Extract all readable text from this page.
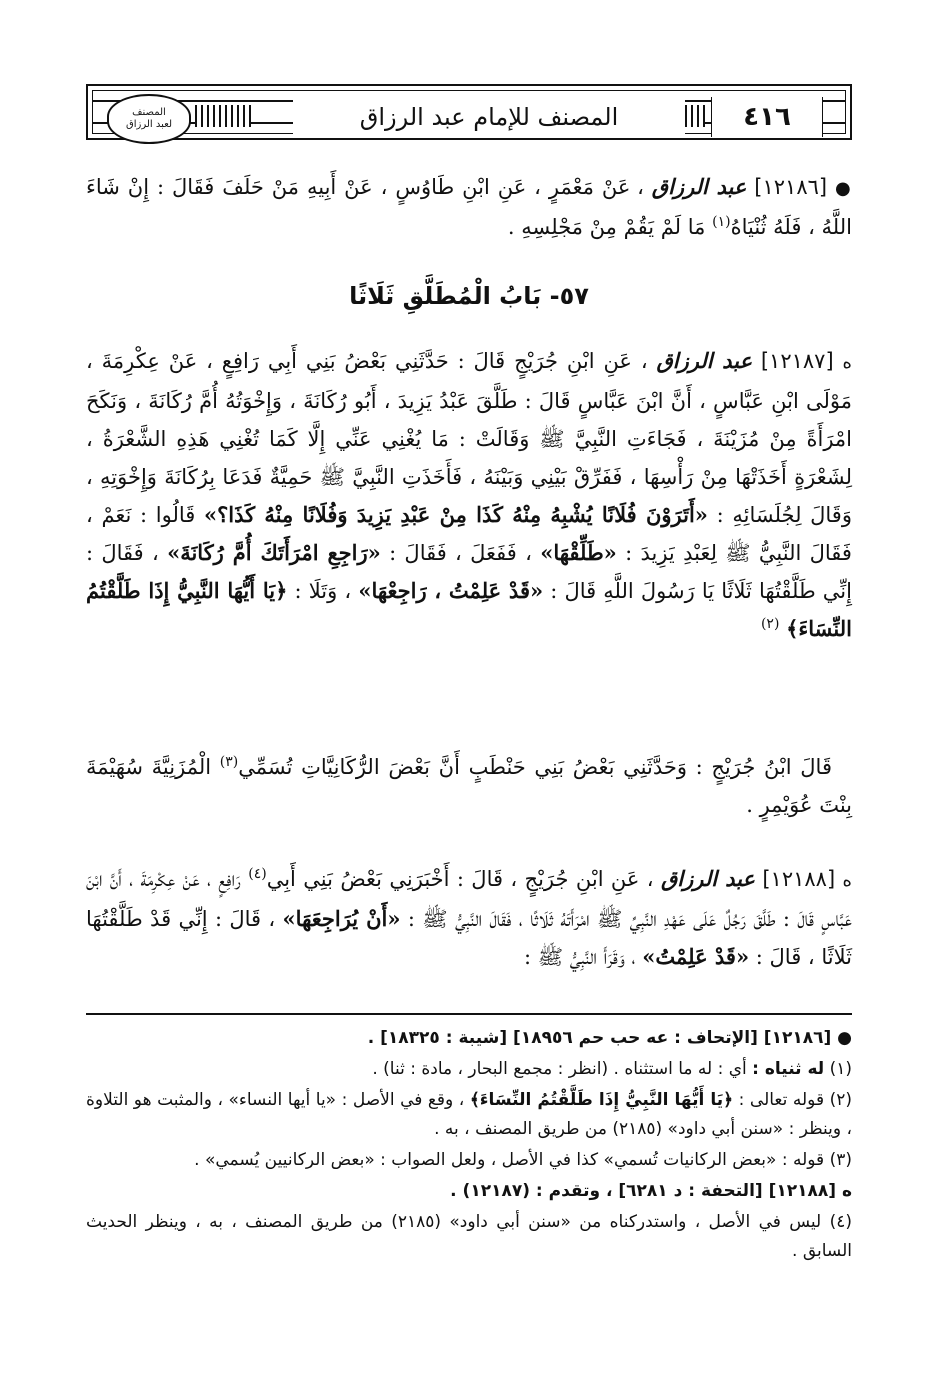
٤١٦
المصنف للإمام عبد الرزاق
المصنف
لعبد الرزاق

● [١٢١٨٦] عبد الرزاق ، عَنْ مَعْمَرٍ ، عَنِ ابْنِ طَاوُسٍ ، عَنْ أَبِيهِ مَنْ حَلَفَ فَقَالَ : إِنْ شَاءَ اللَّهُ ، فَلَهُ ثُنْيَاهُ$^{(١)}$ مَا لَمْ يَقُمْ مِنْ مَجْلِسِهِ .

٥٧- بَابُ الْمُطَلَّقِ ثَلَاثًا

ه [١٢١٨٧] عبد الرزاق ، عَنِ ابْنِ جُرَيْجٍ قَالَ : حَدَّثَنِي بَعْضُ بَنِي أَبِي رَافِعٍ ، عَنْ عِكْرِمَةَ ، مَوْلَى ابْنِ عَبَّاسٍ ، أَنَّ ابْنَ عَبَّاسٍ قَالَ : طَلَّقَ عَبْدُ يَزِيدَ ، أَبُو رُكَانَةَ ، وَإِخْوَتُهُ أُمَّ رُكَانَةَ ، وَنَكَحَ امْرَأَةً مِنْ مُزَيْنَةَ ، فَجَاءَتِ النَّبِيَّ ﷺ وَقَالَتْ : مَا يُغْنِي عَنِّي إِلَّا كَمَا تُغْنِي هَذِهِ الشَّعْرَةُ ، لِشَعْرَةٍ أَخَذَتْهَا مِنْ رَأْسِهَا ، فَفَرِّقْ بَيْنِي وَبَيْنَهُ ، فَأَخَذَتِ النَّبِيَّ ﷺ حَمِيَّةٌ فَدَعَا بِرُكَانَةَ وَإِخْوَتِهِ ، وَقَالَ لِجُلَسَائِهِ : «أَتَرَوْنَ فُلَانًا يُشْبِهُ مِنْهُ كَذَا مِنْ عَبْدِ يَزِيدَ وَفُلَانًا مِنْهُ كَذَا؟» قَالُوا : نَعَمْ ، فَقَالَ النَّبِيُّ ﷺ لِعَبْدِ يَزِيدَ : «طَلِّقْهَا» ، فَفَعَلَ ، فَقَالَ : «رَاجِعِ امْرَأَتَكَ أُمَّ رُكَانَةَ» ، فَقَالَ : إِنِّي طَلَّقْتُهَا ثَلَاثًا يَا رَسُولَ اللَّهِ قَالَ : «قَدْ عَلِمْتُ ، رَاجِعْهَا» ، وَتَلَا : ﴿يَا أَيُّهَا النَّبِيُّ إِذَا طَلَّقْتُمُ النِّسَاءَ﴾ $^{(٢)}$

قَالَ ابْنُ جُرَيْجٍ : وَحَدَّثَنِي بَعْضُ بَنِي حَنْطَبٍ أَنَّ بَعْضَ الرُّكَانِيَّاتِ تُسَمِّي$^{(٣)}$ الْمُزَنِيَّةَ سُهَيْمَةَ بِنْتَ عُوَيْمِرٍ .

ه [١٢١٨٨] عبد الرزاق ، عَنِ ابْنِ جُرَيْجٍ ، قَالَ : أَخْبَرَنِي بَعْضُ بَنِي أَبِي$^{(٤)}$ رَافِعٍ ، عَنْ عِكْرِمَةَ ، أَنَّ ابْنَ عَبَّاسٍ قَالَ : طَلَّقَ رَجُلٌ عَلَى عَهْدِ النَّبِيِّ ﷺ امْرَأَتَهُ ثَلَاثًا ، فَقَالَ النَّبِيُّ ﷺ : «أَنْ يُرَاجِعَهَا» ، قَالَ : إِنِّي قَدْ طَلَّقْتُهَا ثَلَاثًا ، قَالَ : «قَدْ عَلِمْتُ» ، وَقَرَأَ النَّبِيُّ ﷺ :

● [١٢١٨٦] [الإتحاف : عه حب حم ١٨٩٥٦] [شيبة : ١٨٣٢٥] .

(١) له ثنياه : أي : له ما استثناه . (انظر : مجمع البحار ، مادة : ثنا) .

(٢) قوله تعالى : ﴿يَا أَيُّهَا النَّبِيُّ إِذَا طَلَّقْتُمُ النِّسَاءَ﴾ ، وقع في الأصل : «يا أيها النساء» ، والمثبت هو التلاوة ، وينظر : «سنن أبي داود» (٢١٨٥) من طريق المصنف ، به .

(٣) قوله : «بعض الركانيات تُسمي» كذا في الأصل ، ولعل الصواب : «بعض الركانيين يُسمي» .

ه [١٢١٨٨] [التحفة : د ٦٢٨١] ، وتقدم : (١٢١٨٧) .

(٤) ليس في الأصل ، واستدركناه من «سنن أبي داود» (٢١٨٥) من طريق المصنف ، به ، وينظر الحديث السابق .
